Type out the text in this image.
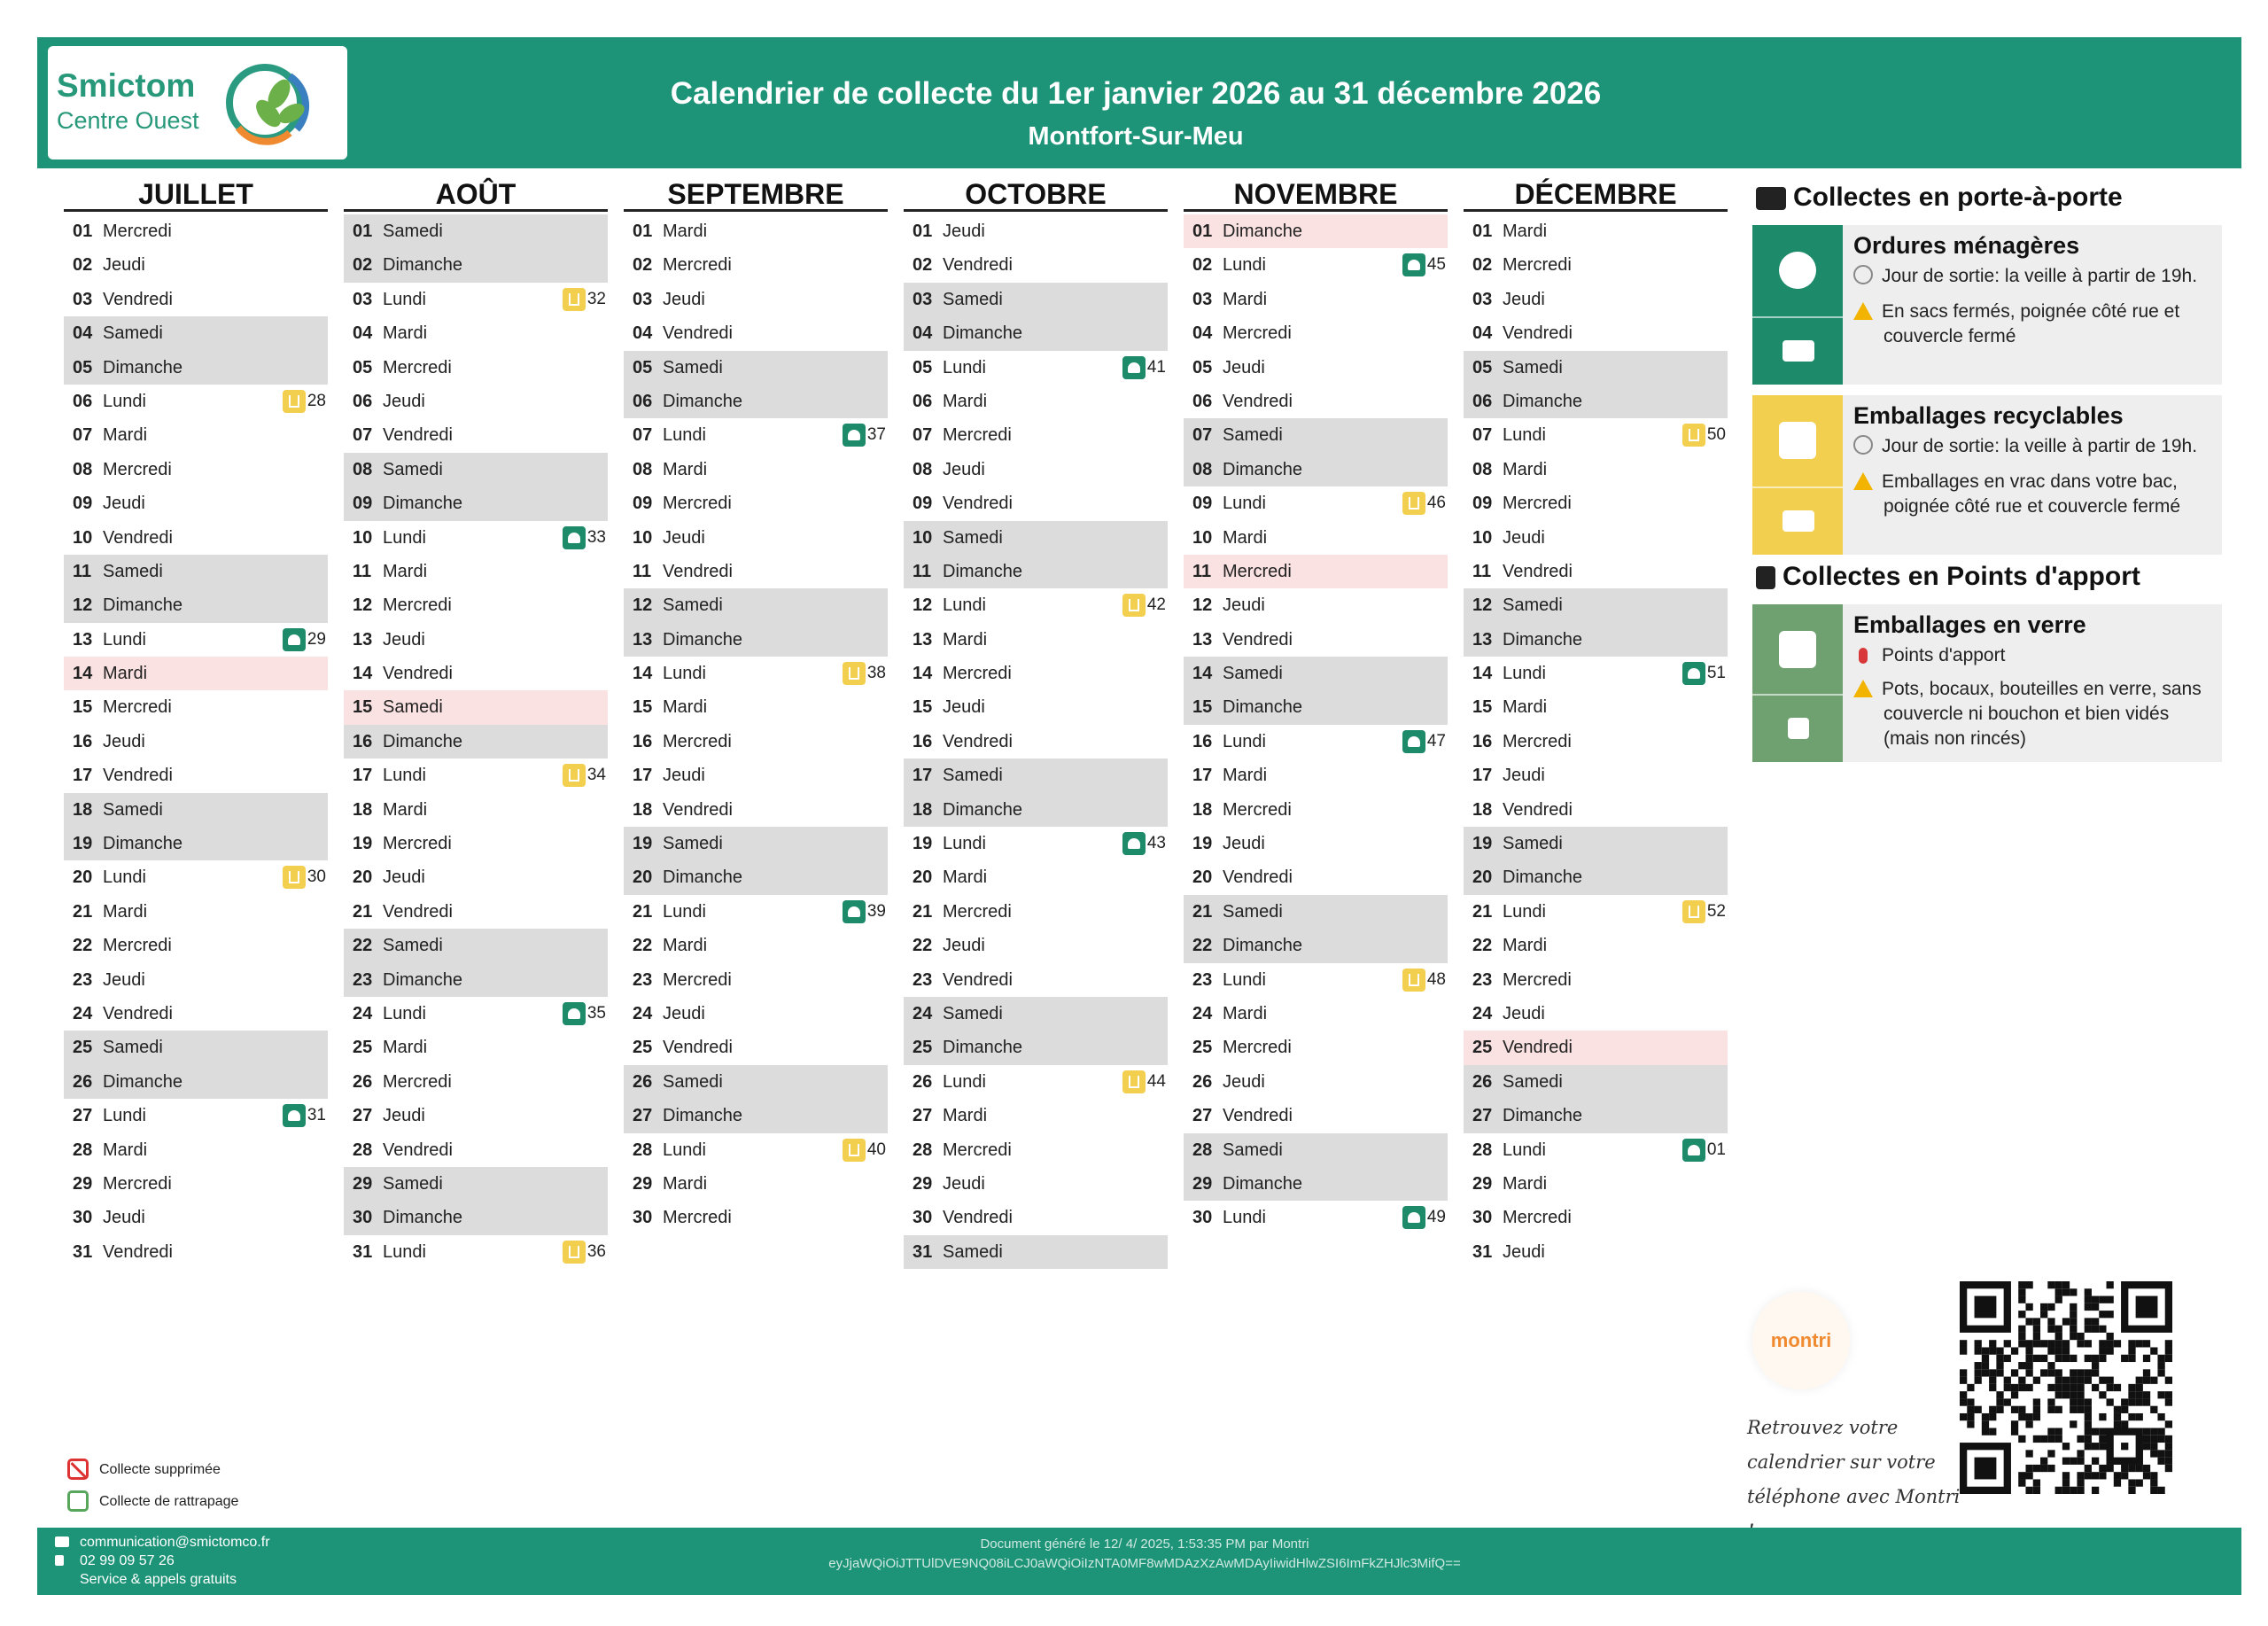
Smictom
Centre Ouest
Calendrier de collecte du 1er janvier 2026 au 31 décembre 2026
Montfort-Sur-Meu
JUILLET
01 Mercredi
02 Jeudi
03 Vendredi
04 Samedi
05 Dimanche
06 Lundi	28
07 Mardi
08 Mercredi
09 Jeudi
10 Vendredi
11 Samedi
12 Dimanche
13 Lundi	29
14 Mardi
15 Mercredi
16 Jeudi
17 Vendredi
18 Samedi
19 Dimanche
20 Lundi	30
21 Mardi
22 Mercredi
23 Jeudi
24 Vendredi
25 Samedi
26 Dimanche
27 Lundi	31
28 Mardi
29 Mercredi
30 Jeudi
31 Vendredi
AOÛT
01 Samedi
02 Dimanche
03 Lundi	32
04 Mardi
05 Mercredi
06 Jeudi
07 Vendredi
08 Samedi
09 Dimanche
10 Lundi	33
11 Mardi
12 Mercredi
13 Jeudi
14 Vendredi
15 Samedi
16 Dimanche
17 Lundi	34
18 Mardi
19 Mercredi
20 Jeudi
21 Vendredi
22 Samedi
23 Dimanche
24 Lundi	35
25 Mardi
26 Mercredi
27 Jeudi
28 Vendredi
29 Samedi
30 Dimanche
31 Lundi	36
SEPTEMBRE
01 Mardi
02 Mercredi
03 Jeudi
04 Vendredi
05 Samedi
06 Dimanche
07 Lundi	37
08 Mardi
09 Mercredi
10 Jeudi
11 Vendredi
12 Samedi
13 Dimanche
14 Lundi	38
15 Mardi
16 Mercredi
17 Jeudi
18 Vendredi
19 Samedi
20 Dimanche
21 Lundi	39
22 Mardi
23 Mercredi
24 Jeudi
25 Vendredi
26 Samedi
27 Dimanche
28 Lundi	40
29 Mardi
30 Mercredi
OCTOBRE
01 Jeudi
02 Vendredi
03 Samedi
04 Dimanche
05 Lundi	41
06 Mardi
07 Mercredi
08 Jeudi
09 Vendredi
10 Samedi
11 Dimanche
12 Lundi	42
13 Mardi
14 Mercredi
15 Jeudi
16 Vendredi
17 Samedi
18 Dimanche
19 Lundi	43
20 Mardi
21 Mercredi
22 Jeudi
23 Vendredi
24 Samedi
25 Dimanche
26 Lundi	44
27 Mardi
28 Mercredi
29 Jeudi
30 Vendredi
31 Samedi
NOVEMBRE
01 Dimanche
02 Lundi	45
03 Mardi
04 Mercredi
05 Jeudi
06 Vendredi
07 Samedi
08 Dimanche
09 Lundi	46
10 Mardi
11 Mercredi
12 Jeudi
13 Vendredi
14 Samedi
15 Dimanche
16 Lundi	47
17 Mardi
18 Mercredi
19 Jeudi
20 Vendredi
21 Samedi
22 Dimanche
23 Lundi	48
24 Mardi
25 Mercredi
26 Jeudi
27 Vendredi
28 Samedi
29 Dimanche
30 Lundi	49
DÉCEMBRE
01 Mardi
02 Mercredi
03 Jeudi
04 Vendredi
05 Samedi
06 Dimanche
07 Lundi	50
08 Mardi
09 Mercredi
10 Jeudi
11 Vendredi
12 Samedi
13 Dimanche
14 Lundi	51
15 Mardi
16 Mercredi
17 Jeudi
18 Vendredi
19 Samedi
20 Dimanche
21 Lundi	52
22 Mardi
23 Mercredi
24 Jeudi
25 Vendredi
26 Samedi
27 Dimanche
28 Lundi	01
29 Mardi
30 Mercredi
31 Jeudi
Collectes en porte-à-porte
Ordures ménagères
Jour de sortie: la veille à partir de 19h.
En sacs fermés, poignée côté rue et
couvercle fermé
Emballages recyclables
Jour de sortie: la veille à partir de 19h.
Emballages en vrac dans votre bac,
poignée côté rue et couvercle fermé
Collectes en Points d'apport
Emballages en verre
Points d'apport
Pots, bocaux, bouteilles en verre, sans
couvercle ni bouchon et bien vidés
(mais non rincés)
montri
Retrouvez votre
calendrier sur votre
téléphone avec Montri
Collecte supprimée
Collecte de rattrapage
communication@smictomco.fr
02 99 09 57 26
Service & appels gratuits
Document généré le 12/ 4/ 2025, 1:53:35 PM par Montri
eyJjaWQiOiJTTUlDVE9NQ08iLCJ0aWQiOiIzNTA0MF8wMDAzXzAwMDAyIiwidHlwZSI6ImFkZHJlc3MifQ==
